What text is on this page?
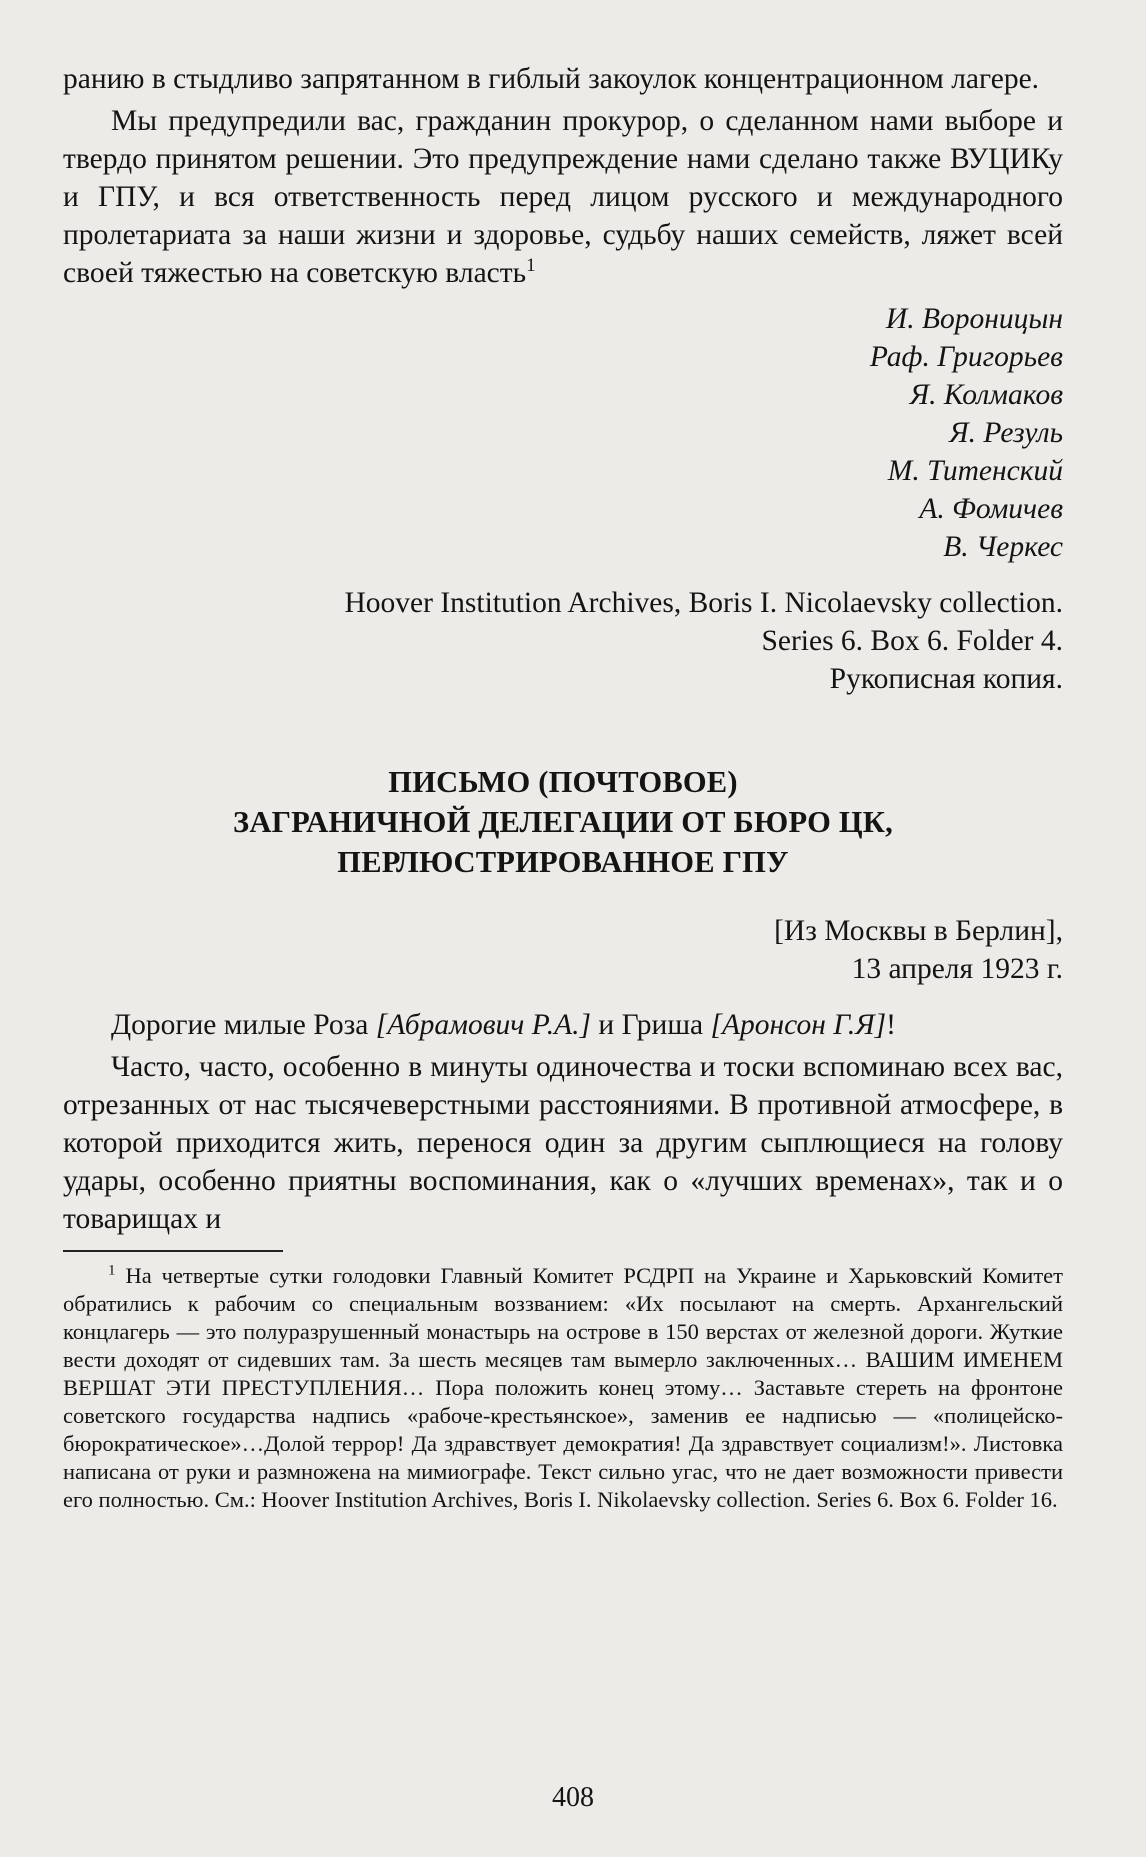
ранию в стыдливо запрятанном в гиблый закоулок концентрационном лагере.

Мы предупредили вас, гражданин прокурор, о сделанном нами выборе и твердо принятом решении. Это предупреждение нами сделано также ВУЦИКу и ГПУ, и вся ответственность перед лицом русского и международного пролетариата за наши жизни и здоровье, судьбу наших семейств, ляжет всей своей тяжестью на советскую власть$^1$

И. Вороницын
Раф. Григорьев
Я. Колмаков
Я. Резуль
М. Титенский
А. Фомичев
В. Черкес
Hoover Institution Archives, Boris I. Nicolaevsky collection.
Series 6. Box 6. Folder 4.
Рукописная копия.
ПИСЬМО (ПОЧТОВОЕ)
ЗАГРАНИЧНОЙ ДЕЛЕГАЦИИ ОТ БЮРО ЦК,
ПЕРЛЮСТРИРОВАННОЕ ГПУ
[Из Москвы в Берлин],
13 апреля 1923 г.

Дорогие милые Роза [Абрамович Р.А.] и Гриша [Аронсон Г.Я]!

Часто, часто, особенно в минуты одиночества и тоски вспоминаю всех вас, отрезанных от нас тысячеверстными расстояниями. В противной атмосфере, в которой приходится жить, перенося один за другим сыплющиеся на голову удары, особенно приятны воспоминания, как о «лучших временах», так и о товарищах и

$^1$ На четвертые сутки голодовки Главный Комитет РСДРП на Украине и Харьковский Комитет обратились к рабочим со специальным воззванием: «Их посылают на смерть. Архангельский концлагерь — это полуразрушенный монастырь на острове в 150 верстах от железной дороги. Жуткие вести доходят от сидевших там. За шесть месяцев там вымерло заключенных… ВАШИМ ИМЕНЕМ ВЕРШАТ ЭТИ ПРЕСТУПЛЕНИЯ… Пора положить конец этому… Заставьте стереть на фронтоне советского государства надпись «рабоче-крестьянское», заменив ее надписью — «полицейско-бюрократическое»…Долой террор! Да здравствует демократия! Да здравствует социализм!». Листовка написана от руки и размножена на мимиографе. Текст сильно угас, что не дает возможности привести его полностью. См.: Hoover Institution Archives, Boris I. Nikolaevsky collection. Series 6. Box 6. Folder 16.

408
